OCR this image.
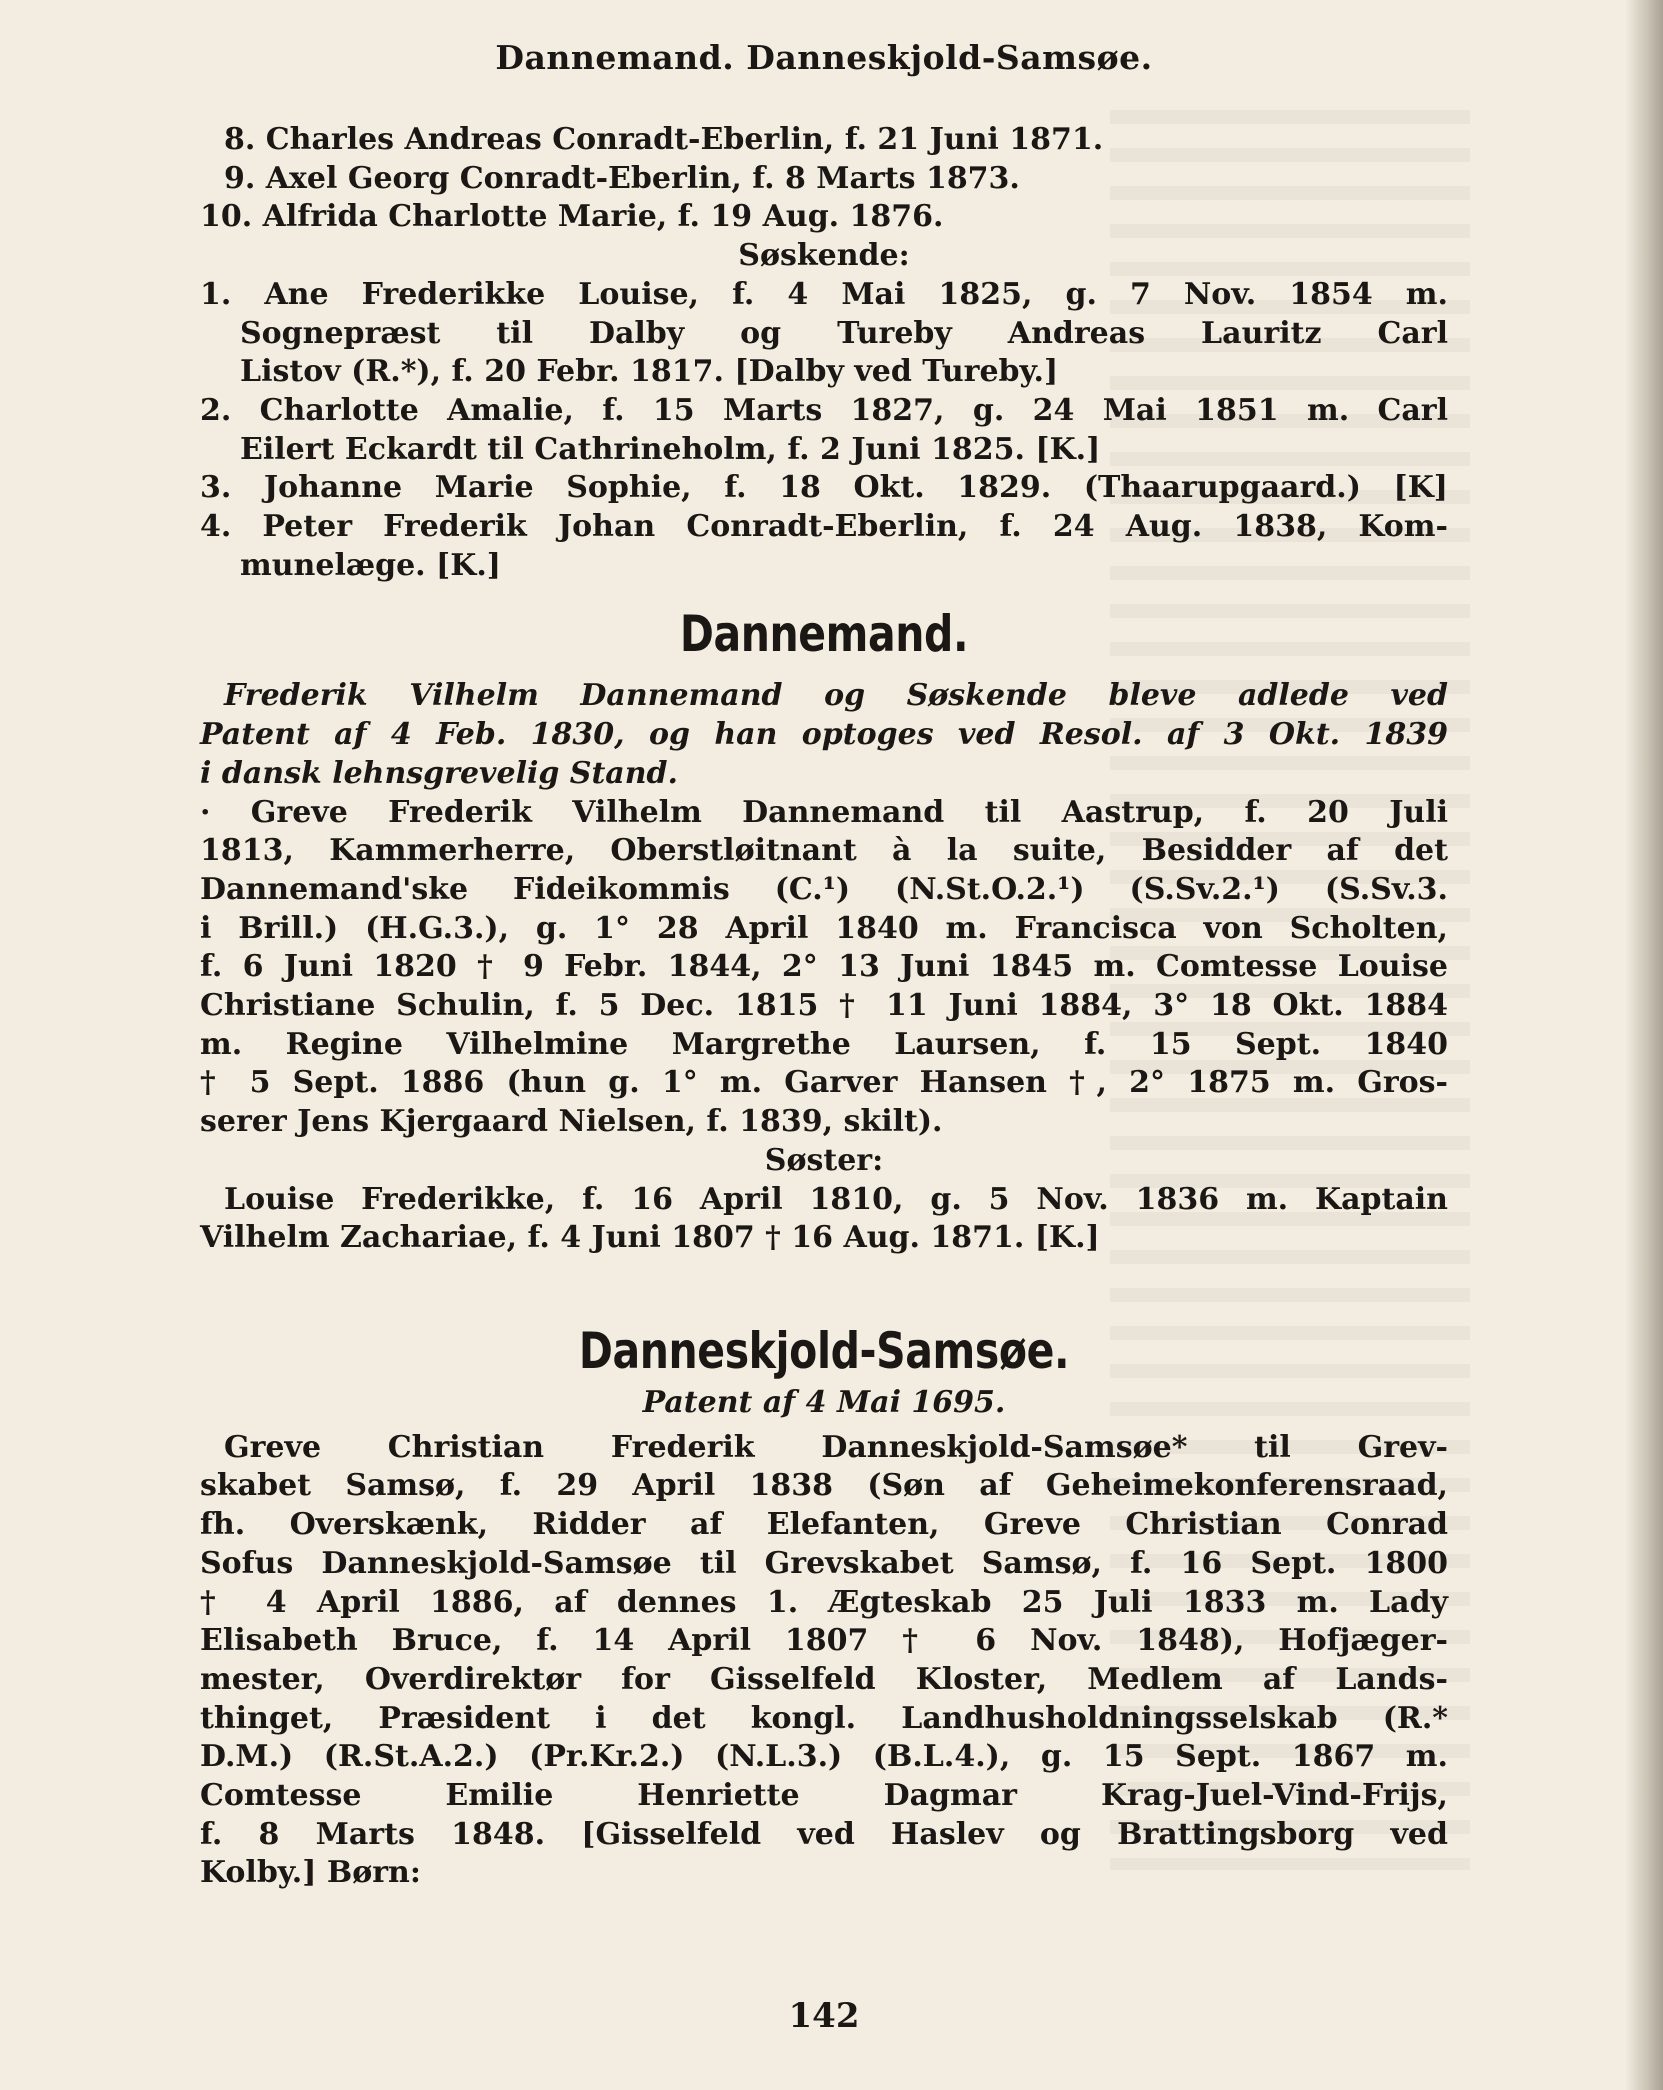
Dannemand. Danneskjold-Samsøe.
8. Charles Andreas Conradt-Eberlin, f. 21 Juni 1871.
9. Axel Georg Conradt-Eberlin, f. 8 Marts 1873.
10. Alfrida Charlotte Marie, f. 19 Aug. 1876.
Søskende:
1. Ane Frederikke Louise, f. 4 Mai 1825, g. 7 Nov. 1854 m.
Sognepræst til Dalby og Tureby Andreas Lauritz Carl
Listov (R.*), f. 20 Febr. 1817. [Dalby ved Tureby.]
2. Charlotte Amalie, f. 15 Marts 1827, g. 24 Mai 1851 m. Carl
Eilert Eckardt til Cathrineholm, f. 2 Juni 1825. [K.]
3. Johanne Marie Sophie, f. 18 Okt. 1829. (Thaarupgaard.) [K]
4. Peter Frederik Johan Conradt-Eberlin, f. 24 Aug. 1838, Kom-
munelæge. [K.]
Dannemand.
Frederik Vilhelm Dannemand og Søskende bleve adlede ved
Patent af 4 Feb. 1830, og han optoges ved Resol. af 3 Okt. 1839
i dansk lehnsgrevelig Stand.
· Greve Frederik Vilhelm Dannemand til Aastrup, f. 20 Juli
1813, Kammerherre, Oberstløitnant à la suite, Besidder af det
Dannemand'ske Fideikommis (C.¹) (N.St.O.2.¹) (S.Sv.2.¹) (S.Sv.3.
i Brill.) (H.G.3.), g. 1° 28 April 1840 m. Francisca von Scholten,
f. 6 Juni 1820 † 9 Febr. 1844, 2° 13 Juni 1845 m. Comtesse Louise
Christiane Schulin, f. 5 Dec. 1815 † 11 Juni 1884, 3° 18 Okt. 1884
m. Regine Vilhelmine Margrethe Laursen, f. 15 Sept. 1840
† 5 Sept. 1886 (hun g. 1° m. Garver Hansen †, 2° 1875 m. Gros-
serer Jens Kjergaard Nielsen, f. 1839, skilt).
Søster:
Louise Frederikke, f. 16 April 1810, g. 5 Nov. 1836 m. Kaptain
Vilhelm Zachariae, f. 4 Juni 1807 † 16 Aug. 1871. [K.]
Danneskjold-Samsøe.
Patent af 4 Mai 1695.
Greve Christian Frederik Danneskjold-Samsøe* til Grev-
skabet Samsø, f. 29 April 1838 (Søn af Geheimekonferensraad,
fh. Overskænk, Ridder af Elefanten, Greve Christian Conrad
Sofus Danneskjold-Samsøe til Grevskabet Samsø, f. 16 Sept. 1800
† 4 April 1886, af dennes 1. Ægteskab 25 Juli 1833 m. Lady
Elisabeth Bruce, f. 14 April 1807 † 6 Nov. 1848), Hofjæger-
mester, Overdirektør for Gisselfeld Kloster, Medlem af Lands-
thinget, Præsident i det kongl. Landhusholdningsselskab (R.*
D.M.) (R.St.A.2.) (Pr.Kr.2.) (N.L.3.) (B.L.4.), g. 15 Sept. 1867 m.
Comtesse Emilie Henriette Dagmar Krag-Juel-Vind-Frijs,
f. 8 Marts 1848. [Gisselfeld ved Haslev og Brattingsborg ved
Kolby.] Børn:
142
